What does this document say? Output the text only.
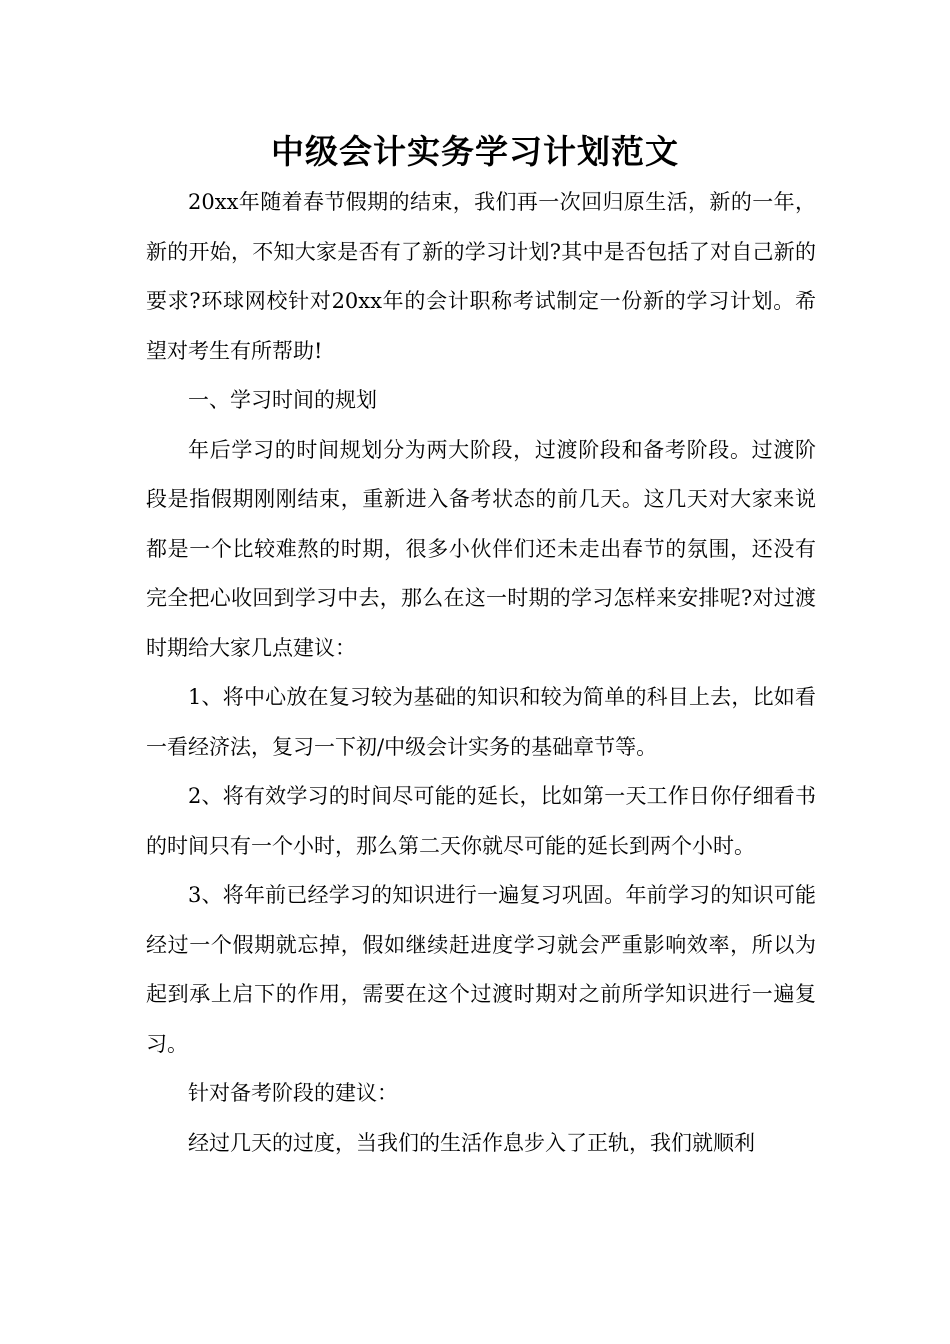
中级会计实务学习计划范文

20xx年随着春节假期的结束，我们再一次回归原生活，新的一年，新的开始，不知大家是否有了新的学习计划?其中是否包括了对自己新的要求?环球网校针对20xx年的会计职称考试制定一份新的学习计划。希望对考生有所帮助!

一、学习时间的规划

年后学习的时间规划分为两大阶段，过渡阶段和备考阶段。过渡阶段是指假期刚刚结束，重新进入备考状态的前几天。这几天对大家来说都是一个比较难熬的时期，很多小伙伴们还未走出春节的氛围，还没有完全把心收回到学习中去，那么在这一时期的学习怎样来安排呢?对过渡时期给大家几点建议：

1、将中心放在复习较为基础的知识和较为简单的科目上去，比如看一看经济法，复习一下初/中级会计实务的基础章节等。

2、将有效学习的时间尽可能的延长，比如第一天工作日你仔细看书的时间只有一个小时，那么第二天你就尽可能的延长到两个小时。

3、将年前已经学习的知识进行一遍复习巩固。年前学习的知识可能经过一个假期就忘掉，假如继续赶进度学习就会严重影响效率，所以为起到承上启下的作用，需要在这个过渡时期对之前所学知识进行一遍复习。

针对备考阶段的建议：

经过几天的过度，当我们的生活作息步入了正轨，我们就顺利
